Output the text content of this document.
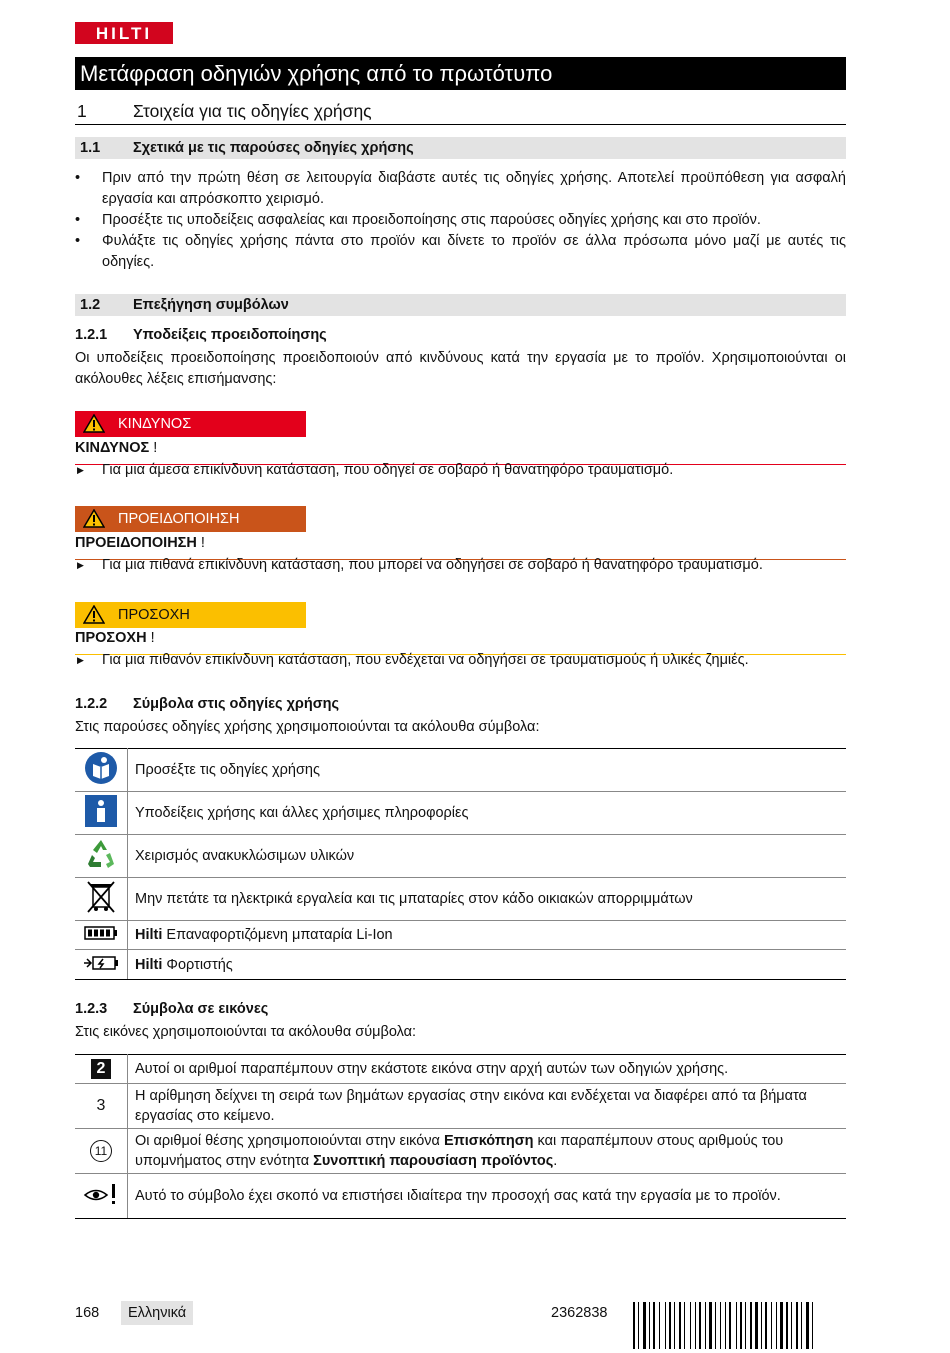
HILTI
Μετάφραση οδηγιών χρήσης από το πρωτότυπο
1	Στοιχεία για τις οδηγίες χρήσης
1.1 Σχετικά με τις παρούσες οδηγίες χρήσης
• Πριν από την πρώτη θέση σε λειτουργία διαβάστε αυτές τις οδηγίες χρήσης. Αποτελεί προϋπόθεση για ασφαλή εργασία και απρόσκοπτο χειρισμό.
• Προσέξτε τις υποδείξεις ασφαλείας και προειδοποίησης στις παρούσες οδηγίες χρήσης και στο προϊόν.
• Φυλάξτε τις οδηγίες χρήσης πάντα στο προϊόν και δίνετε το προϊόν σε άλλα πρόσωπα μόνο μαζί με αυτές τις οδηγίες.
1.2 Επεξήγηση συμβόλων
1.2.1 Υποδείξεις προειδοποίησης
Οι υποδείξεις προειδοποίησης προειδοποιούν από κινδύνους κατά την εργασία με το προϊόν. Χρησιμοποιούνται οι ακόλουθες λέξεις επισήμανσης:
ΚΙΝΔΥΝΟΣ
ΚΙΝΔΥΝΟΣ !
▶ Για μια άμεσα επικίνδυνη κατάσταση, που οδηγεί σε σοβαρό ή θανατηφόρο τραυματισμό.
ΠΡΟΕΙΔΟΠΟΙΗΣΗ
ΠΡΟΕΙΔΟΠΟΙΗΣΗ !
▶ Για μια πιθανά επικίνδυνη κατάσταση, που μπορεί να οδηγήσει σε σοβαρό ή θανατηφόρο τραυματισμό.
ΠΡΟΣΟΧΗ
ΠΡΟΣΟΧΗ !
▶ Για μια πιθανόν επικίνδυνη κατάσταση, που ενδέχεται να οδηγήσει σε τραυματισμούς ή υλικές ζημιές.
1.2.2 Σύμβολα στις οδηγίες χρήσης
Στις παρούσες οδηγίες χρήσης χρησιμοποιούνται τα ακόλουθα σύμβολα:
	Προσέξτε τις οδηγίες χρήσης
	Υποδείξεις χρήσης και άλλες χρήσιμες πληροφορίες
	Χειρισμός ανακυκλώσιμων υλικών
	Μην πετάτε τα ηλεκτρικά εργαλεία και τις μπαταρίες στον κάδο οικιακών απορριμμάτων
	Hilti Επαναφορτιζόμενη μπαταρία Li-Ion
	Hilti Φορτιστής
1.2.3 Σύμβολα σε εικόνες
Στις εικόνες χρησιμοποιούνται τα ακόλουθα σύμβολα:
2	Αυτοί οι αριθμοί παραπέμπουν στην εκάστοτε εικόνα στην αρχή αυτών των οδηγιών χρήσης.
3	Η αρίθμηση δείχνει τη σειρά των βημάτων εργασίας στην εικόνα και ενδέχεται να διαφέρει από τα βήματα εργασίας στο κείμενο.
11	Οι αριθμοί θέσης χρησιμοποιούνται στην εικόνα Επισκόπηση και παραπέμπουν στους αριθμούς του υπομνήματος στην ενότητα Συνοπτική παρουσίαση προϊόντος.
	Αυτό το σύμβολο έχει σκοπό να επιστήσει ιδιαίτερα την προσοχή σας κατά την εργασία με το προϊόν.
168	Ελληνικά	2362838
